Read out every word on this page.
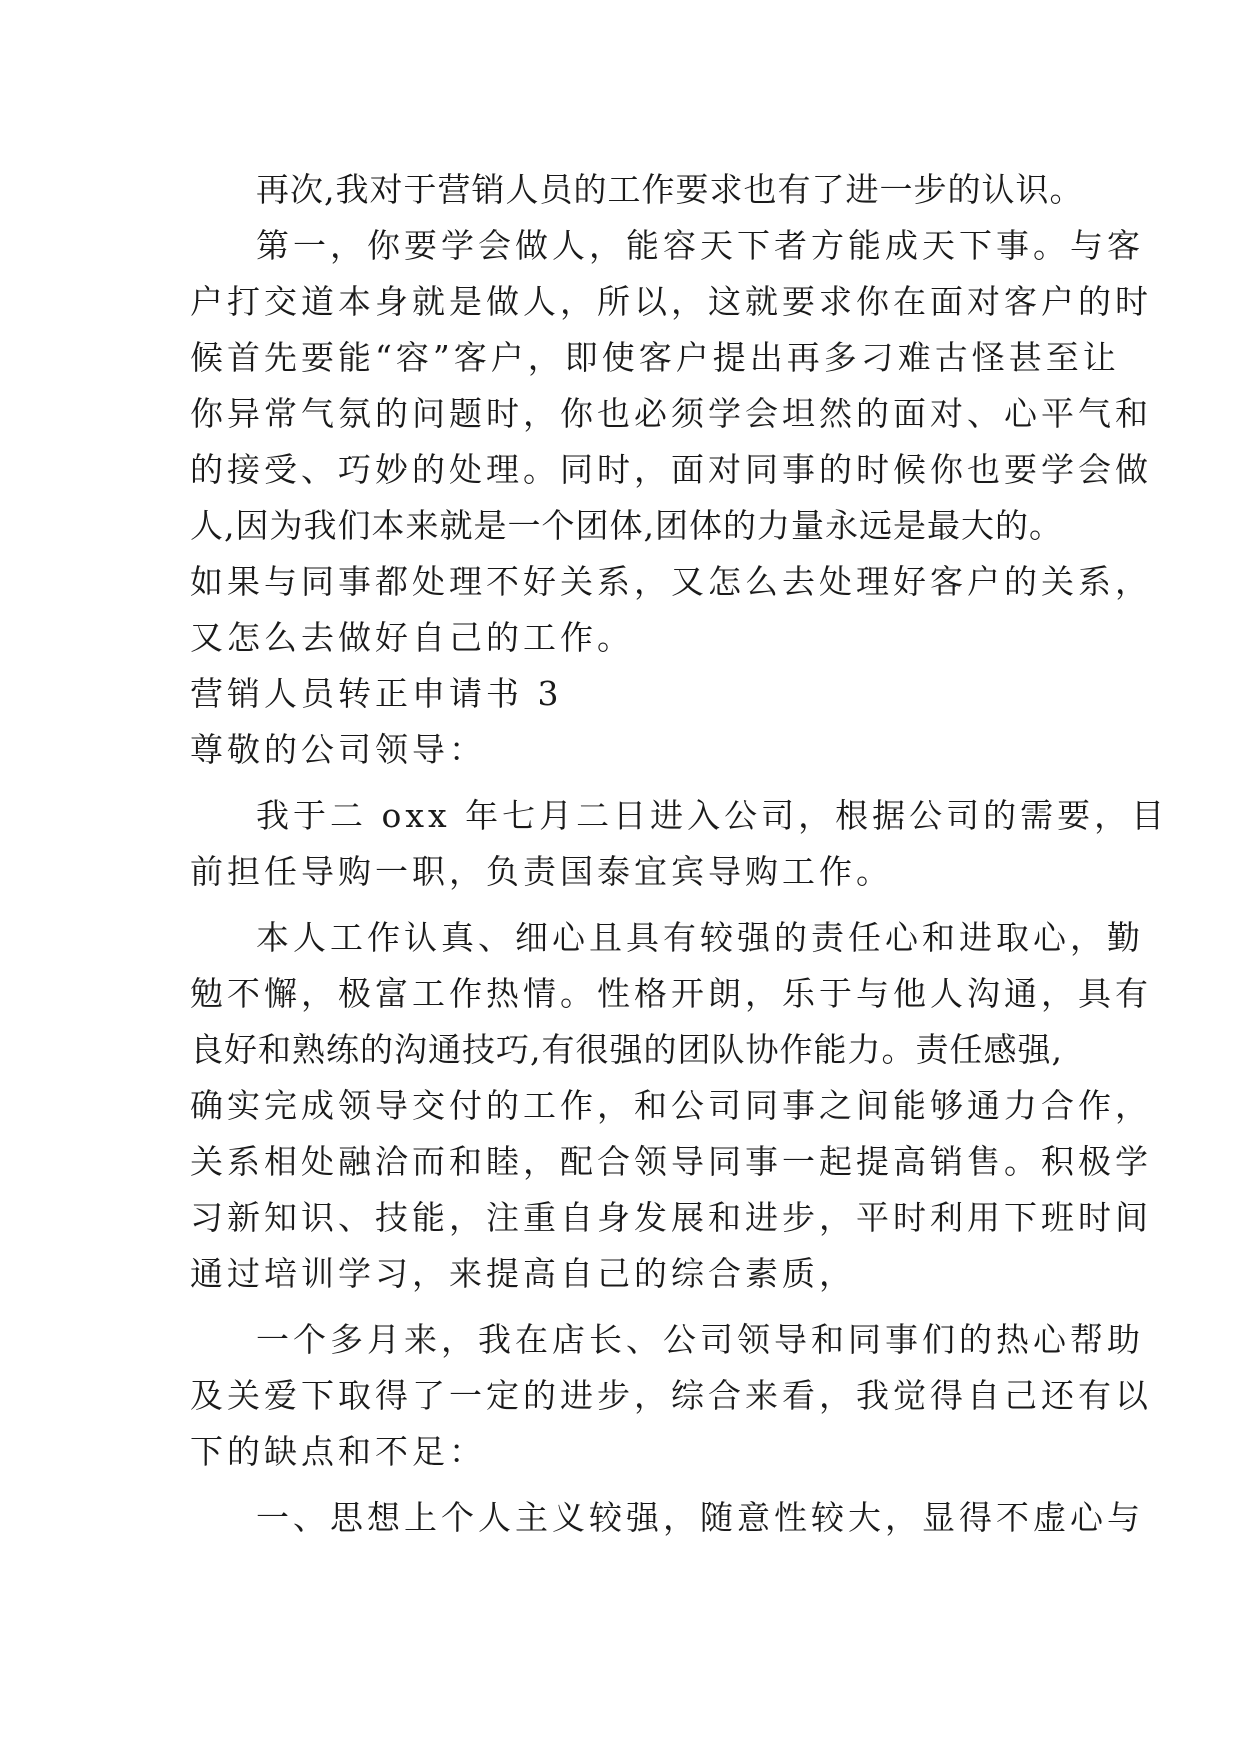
再次,我对于营销人员的工作要求也有了进一步的认识。
第一，你要学会做人，能容天下者方能成天下事。与客
户打交道本身就是做人，所以，这就要求你在面对客户的时
候首先要能“容”客户，即使客户提出再多刁难古怪甚至让
你异常气氛的问题时，你也必须学会坦然的面对、心平气和
的接受、巧妙的处理。同时，面对同事的时候你也要学会做
人,因为我们本来就是一个团体,团体的力量永远是最大的。
如果与同事都处理不好关系，又怎么去处理好客户的关系，
又怎么去做好自己的工作。
营销人员转正申请书 3
尊敬的公司领导：
我于二 oxx 年七月二日进入公司，根据公司的需要，目
前担任导购一职，负责国泰宜宾导购工作。
本人工作认真、细心且具有较强的责任心和进取心，勤
勉不懈，极富工作热情。性格开朗，乐于与他人沟通，具有
良好和熟练的沟通技巧,有很强的团队协作能力。责任感强,
确实完成领导交付的工作，和公司同事之间能够通力合作，
关系相处融洽而和睦，配合领导同事一起提高销售。积极学
习新知识、技能，注重自身发展和进步，平时利用下班时间
通过培训学习，来提高自己的综合素质，
一个多月来，我在店长、公司领导和同事们的热心帮助
及关爱下取得了一定的进步，综合来看，我觉得自己还有以
下的缺点和不足：
一、思想上个人主义较强，随意性较大，显得不虚心与
